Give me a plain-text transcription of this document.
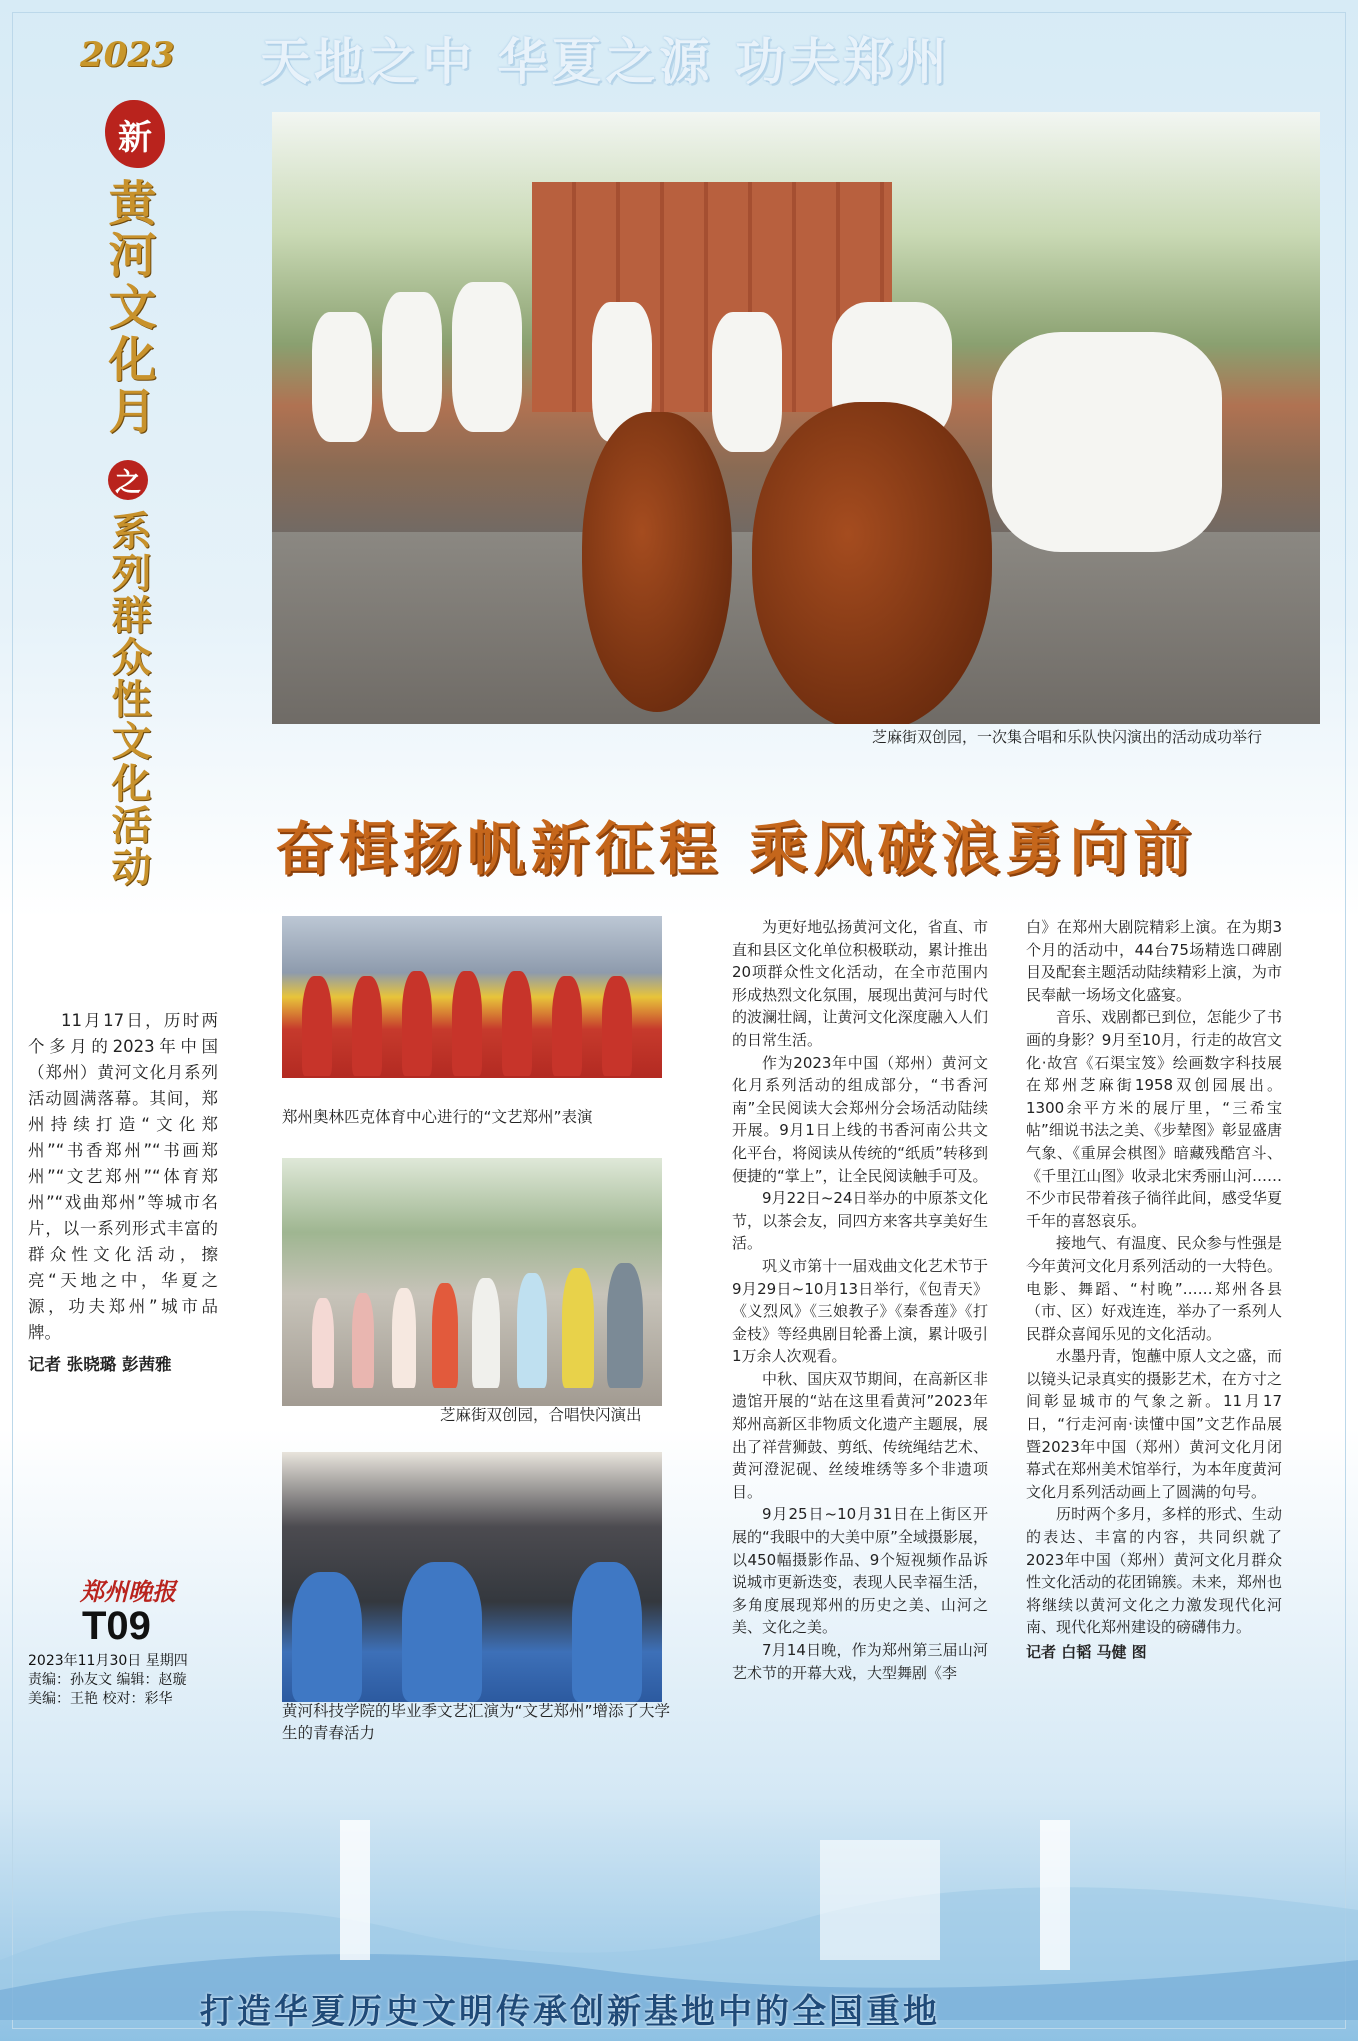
天地之中 华夏之源 功夫郑州
2023
新
黄河文化月
之
系列群众性文化活动
11月17日，历时两个多月的2023年中国（郑州）黄河文化月系列活动圆满落幕。其间，郑州持续打造“文化郑州”“书香郑州”“书画郑州”“文艺郑州”“体育郑州”“戏曲郑州”等城市名片，以一系列形式丰富的群众性文化活动，擦亮“天地之中，华夏之源，功夫郑州”城市品牌。
记者 张晓璐 彭茜雅
郑州晚报
T09
2023年11月30日 星期四
责编：孙友文 编辑：赵璇
美编：王艳 校对：彩华
芝麻街双创园，一次集合唱和乐队快闪演出的活动成功举行
奋楫扬帆新征程 乘风破浪勇向前
郑州奥林匹克体育中心进行的“文艺郑州”表演
芝麻街双创园，合唱快闪演出
黄河科技学院的毕业季文艺汇演为“文艺郑州”增添了大学生的青春活力

为更好地弘扬黄河文化，省直、市直和县区文化单位积极联动，累计推出20项群众性文化活动，在全市范围内形成热烈文化氛围，展现出黄河与时代的波澜壮阔，让黄河文化深度融入人们的日常生活。

作为2023年中国（郑州）黄河文化月系列活动的组成部分，“书香河南”全民阅读大会郑州分会场活动陆续开展。9月1日上线的书香河南公共文化平台，将阅读从传统的“纸质”转移到便捷的“掌上”，让全民阅读触手可及。

9月22日~24日举办的中原茶文化节，以茶会友，同四方来客共享美好生活。

巩义市第十一届戏曲文化艺术节于9月29日~10月13日举行，《包青天》《义烈风》《三娘教子》《秦香莲》《打金枝》等经典剧目轮番上演，累计吸引1万余人次观看。

中秋、国庆双节期间，在高新区非遗馆开展的“站在这里看黄河”2023年郑州高新区非物质文化遗产主题展，展出了祥营狮鼓、剪纸、传统绳结艺术、黄河澄泥砚、丝绫堆绣等多个非遗项目。

9月25日~10月31日在上街区开展的“我眼中的大美中原”全域摄影展，以450幅摄影作品、9个短视频作品诉说城市更新迭变，表现人民幸福生活，多角度展现郑州的历史之美、山河之美、文化之美。

7月14日晚，作为郑州第三届山河艺术节的开幕大戏，大型舞剧《李

白》在郑州大剧院精彩上演。在为期3个月的活动中，44台75场精选口碑剧目及配套主题活动陆续精彩上演，为市民奉献一场场文化盛宴。

音乐、戏剧都已到位，怎能少了书画的身影？9月至10月，行走的故宫文化·故宫《石渠宝笈》绘画数字科技展在郑州芝麻街1958双创园展出。1300余平方米的展厅里，“三希宝帖”细说书法之美、《步辇图》彰显盛唐气象、《重屏会棋图》暗藏残酷宫斗、《千里江山图》收录北宋秀丽山河……不少市民带着孩子徜徉此间，感受华夏千年的喜怒哀乐。

接地气、有温度、民众参与性强是今年黄河文化月系列活动的一大特色。电影、舞蹈、“村晚”……郑州各县（市、区）好戏连连，举办了一系列人民群众喜闻乐见的文化活动。

水墨丹青，饱蘸中原人文之盛，而以镜头记录真实的摄影艺术，在方寸之间彰显城市的气象之新。11月17日，“行走河南·读懂中国”文艺作品展暨2023年中国（郑州）黄河文化月闭幕式在郑州美术馆举行，为本年度黄河文化月系列活动画上了圆满的句号。

历时两个多月，多样的形式、生动的表达、丰富的内容，共同织就了2023年中国（郑州）黄河文化月群众性文化活动的花团锦簇。未来，郑州也将继续以黄河文化之力激发现代化河南、现代化郑州建设的磅礴伟力。

记者 白韬 马健 图

打造华夏历史文明传承创新基地中的全国重地
